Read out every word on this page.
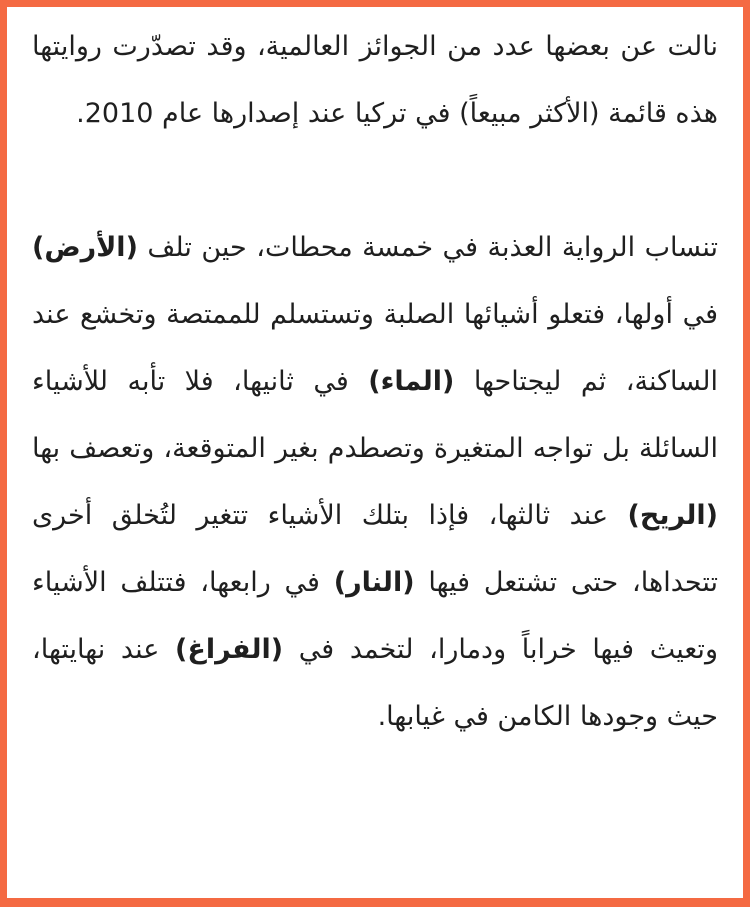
نالت عن بعضها عدد من الجوائز العالمية، وقد تصدّرت روايتها هذه قائمة (الأكثر مبيعاً) في تركيا عند إصدارها عام 2010.

تنساب الرواية العذبة في خمسة محطات، حين تلف (الأرض) في أولها، فتعلو أشيائها الصلبة وتستسلم للممتصة وتخشع عند الساكنة، ثم ليجتاحها (الماء) في ثانيها، فلا تأبه للأشياء السائلة بل تواجه المتغيرة وتصطدم بغير المتوقعة، وتعصف بها (الريح) عند ثالثها، فإذا بتلك الأشياء تتغير لتُخلق أخرى تتحداها، حتى تشتعل فيها (النار) في رابعها، فتتلف الأشياء وتعيث فيها خراباً ودمارا، لتخمد في (الفراغ) عند نهايتها، حيث وجودها الكامن في غيابها.
